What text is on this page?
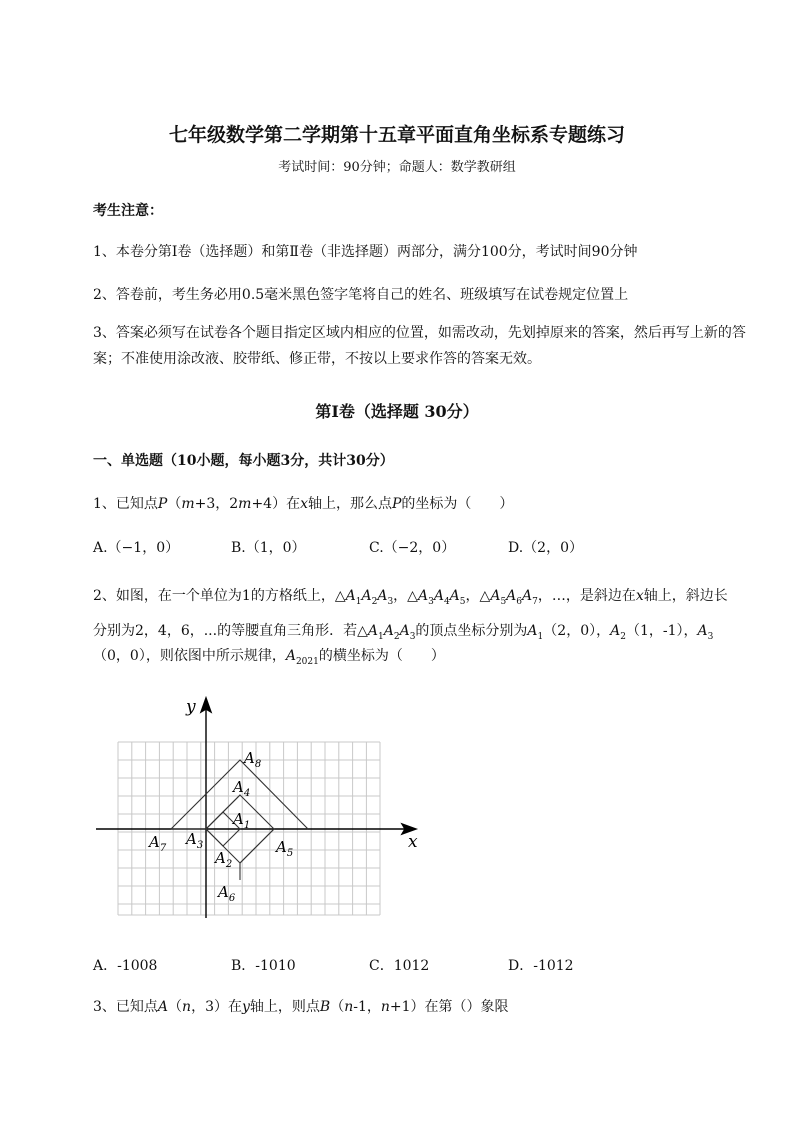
七年级数学第二学期第十五章平面直角坐标系专题练习
考试时间：90分钟；命题人：数学教研组
考生注意：
1、本卷分第I卷（选择题）和第Ⅱ卷（非选择题）两部分，满分100分，考试时间90分钟
2、答卷前，考生务必用0.5毫米黑色签字笔将自己的姓名、班级填写在试卷规定位置上
3、答案必须写在试卷各个题目指定区域内相应的位置，如需改动，先划掉原来的答案，然后再写上新的答案；不准使用涂改液、胶带纸、修正带，不按以上要求作答的答案无效。
第I卷（选择题 30分）
一、单选题（10小题，每小题3分，共计30分）
1、已知点P（m+3，2m+4）在x轴上，那么点P的坐标为（　　）
A.（−1，0）	B.（1，0）	C.（−2，0）	D.（2，0）
2、如图，在一个单位为1的方格纸上，$\triangle A_1A_2A_3$，$\triangle A_3A_4A_5$，$\triangle A_5A_6A_7$，…，是斜边在x轴上，斜边长
分别为2，4，6，...的等腰直角三角形．若$\triangle A_1A_2A_3$的顶点坐标分别为$A_1(2$，0），$A_2(1$，-1），$A_3$
（0，0），则依图中所示规律，$A_{2021}$的横坐标为（　　）
x
y
$A_8$
$A_4$
$A_1$
$A_7$
$A_3$
$A_2$
$A_5$
$A_6$
A．-1008	B．-1010	C．1012	D．-1012
3、已知点A（n，3）在y轴上，则点B（n-1，n+1）在第（）象限
